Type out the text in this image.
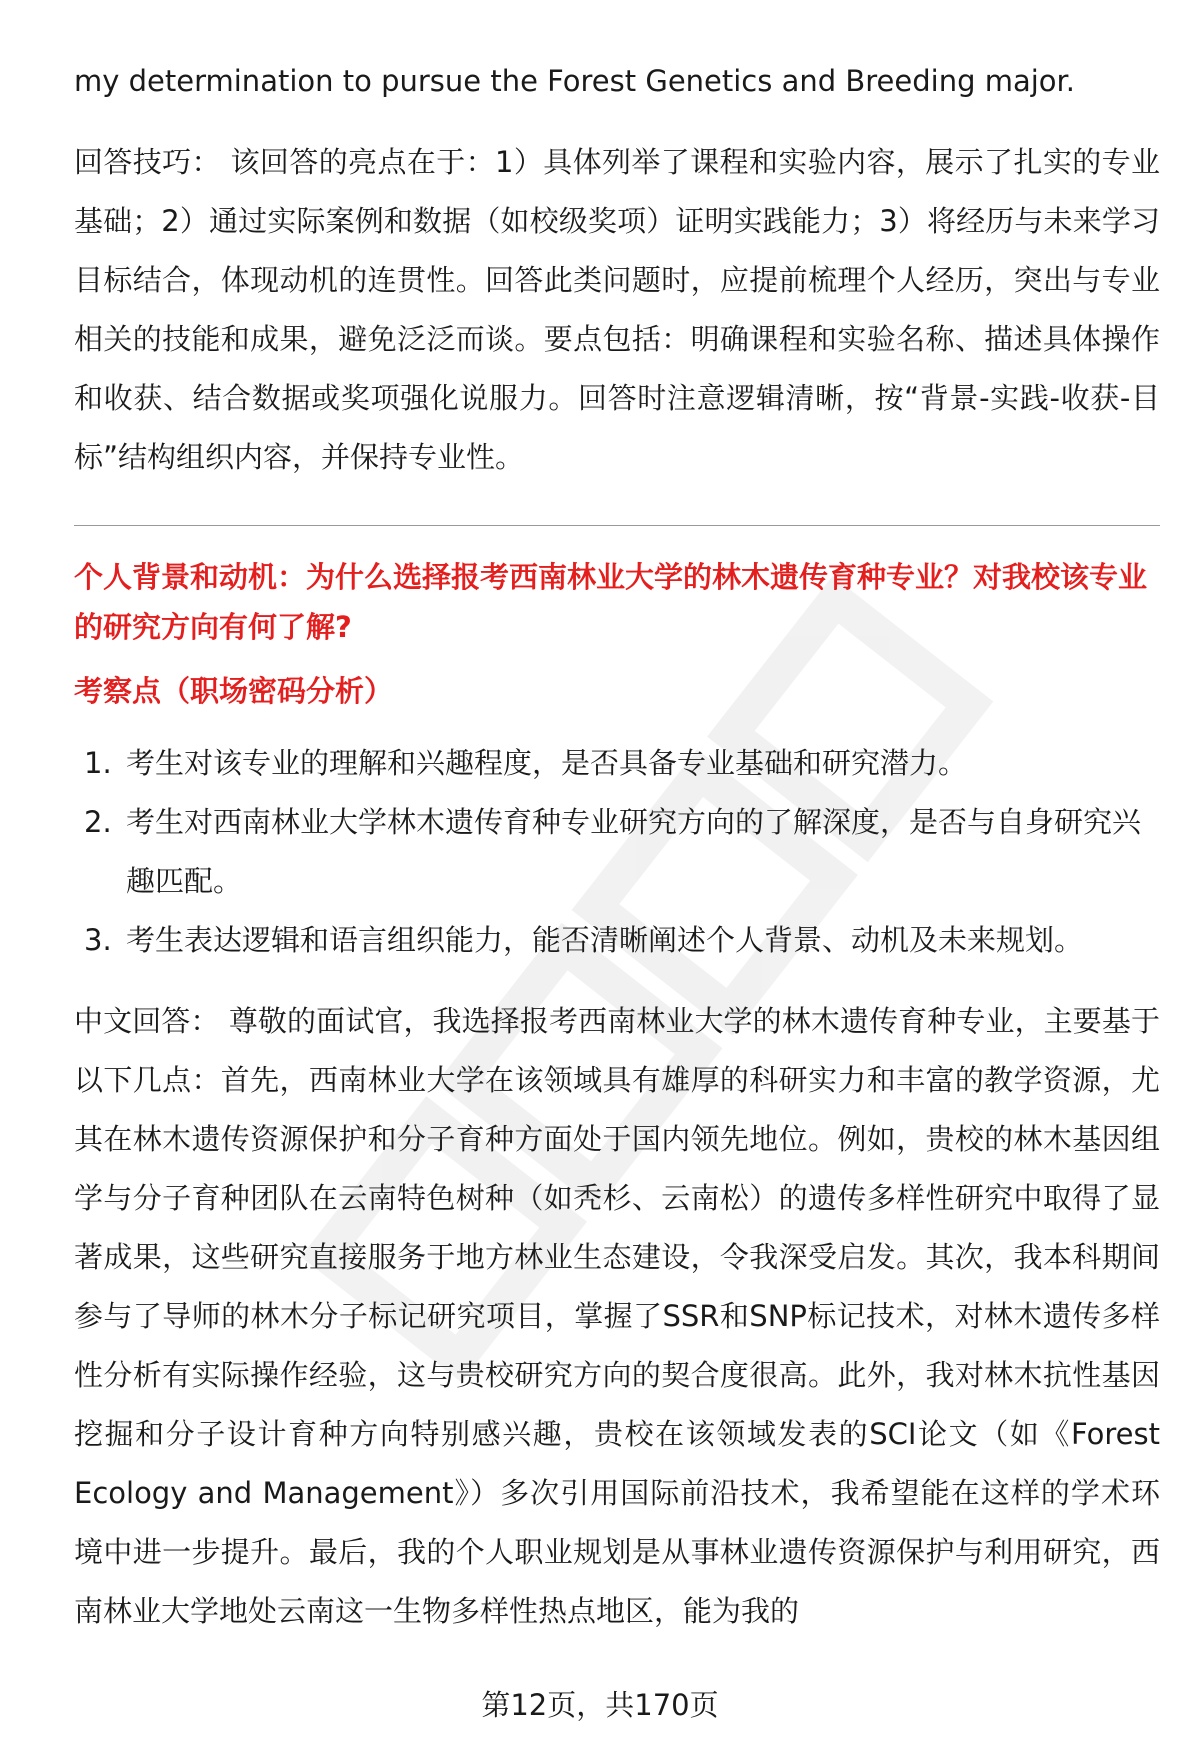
my determination to pursue the Forest Genetics and Breeding major.

回答技巧： 该回答的亮点在于：1）具体列举了课程和实验内容，展示了扎实的专业基础；2）通过实际案例和数据（如校级奖项）证明实践能力；3）将经历与未来学习目标结合，体现动机的连贯性。回答此类问题时，应提前梳理个人经历，突出与专业相关的技能和成果，避免泛泛而谈。要点包括：明确课程和实验名称、描述具体操作和收获、结合数据或奖项强化说服力。回答时注意逻辑清晰，按“背景-实践-收获-目标”结构组织内容，并保持专业性。

个人背景和动机：为什么选择报考西南林业大学的林木遗传育种专业？对我校该专业的研究方向有何了解?

考察点（职场密码分析）

1. 考生对该专业的理解和兴趣程度，是否具备专业基础和研究潜力。
2. 考生对西南林业大学林木遗传育种专业研究方向的了解深度，是否与自身研究兴趣匹配。
3. 考生表达逻辑和语言组织能力，能否清晰阐述个人背景、动机及未来规划。

中文回答： 尊敬的面试官，我选择报考西南林业大学的林木遗传育种专业，主要基于以下几点：首先，西南林业大学在该领域具有雄厚的科研实力和丰富的教学资源，尤其在林木遗传资源保护和分子育种方面处于国内领先地位。例如，贵校的林木基因组学与分子育种团队在云南特色树种（如秃杉、云南松）的遗传多样性研究中取得了显著成果，这些研究直接服务于地方林业生态建设，令我深受启发。其次，我本科期间参与了导师的林木分子标记研究项目，掌握了SSR和SNP标记技术，对林木遗传多样性分析有实际操作经验，这与贵校研究方向的契合度很高。此外，我对林木抗性基因挖掘和分子设计育种方向特别感兴趣，贵校在该领域发表的SCI论文（如《Forest Ecology and Management》）多次引用国际前沿技术，我希望能在这样的学术环境中进一步提升。最后，我的个人职业规划是从事林业遗传资源保护与利用研究，西南林业大学地处云南这一生物多样性热点地区，能为我的

第12页，共170页
